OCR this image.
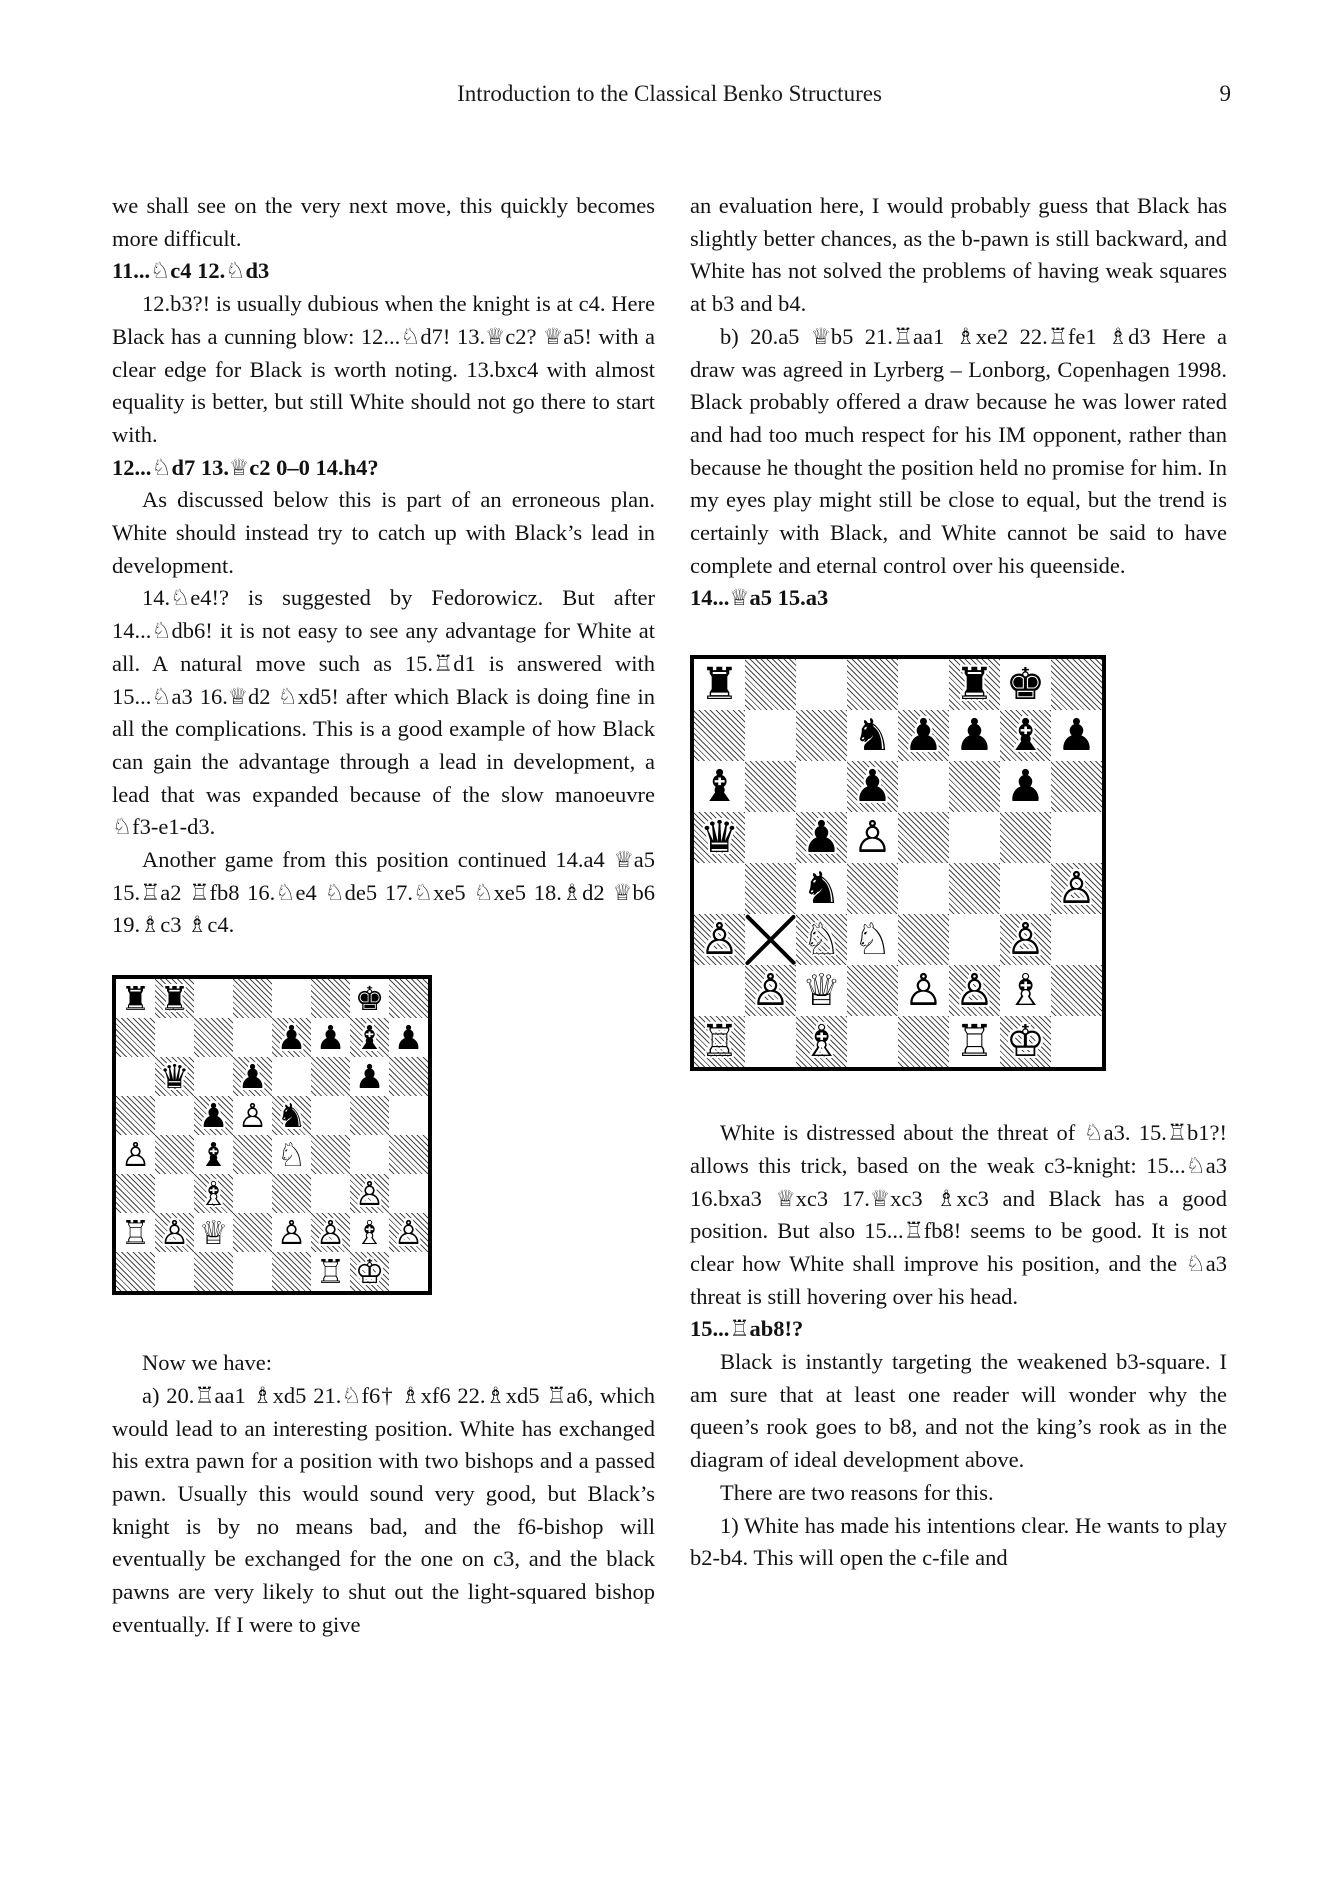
Introduction to the Classical Benko Structures	9

we shall see on the very next move, this quickly becomes more difficult.

11...♘c4 12.♘d3

12.b3?! is usually dubious when the knight is at c4. Here Black has a cunning blow: 12...♘d7! 13.♕c2? ♕a5! with a clear edge for Black is worth noting. 13.bxc4 with almost equality is better, but still White should not go there to start with.

12...♘d7 13.♕c2 0–0 14.h4?

As discussed below this is part of an erroneous plan. White should instead try to catch up with Black’s lead in development.

14.♘e4!? is suggested by Fedorowicz. But after 14...♘db6! it is not easy to see any advantage for White at all. A natural move such as 15.♖d1 is answered with 15...♘a3 16.♕d2 ♘xd5! after which Black is doing fine in all the complications. This is a good example of how Black can gain the advantage through a lead in development, a lead that was expanded because of the slow manoeuvre ♘f3-e1-d3.

Another game from this position continued 14.a4 ♕a5 15.♖a2 ♖fb8 16.♘e4 ♘de5 17.♘xe5 ♘xe5 18.♗d2 ♕b6 19.♗c3 ♗c4.

♜ ♜	♚
♟ ♟ ♝ ♟
♛ ♟	♟
♟ ♙ ♞
♙ ♝ ♘
♗	♙
♖ ♙ ♕ ♙ ♙ ♗ ♙
♖ ♔

Now we have:

a) 20.♖aa1 ♗xd5 21.♘f6† ♗xf6 22.♗xd5 ♖a6, which would lead to an interesting position. White has exchanged his extra pawn for a position with two bishops and a passed pawn. Usually this would sound very good, but Black’s knight is by no means bad, and the f6-bishop will eventually be exchanged for the one on c3, and the black pawns are very likely to shut out the light-squared bishop eventually. If I were to give

an evaluation here, I would probably guess that Black has slightly better chances, as the b-pawn is still backward, and White has not solved the problems of having weak squares at b3 and b4.

b) 20.a5 ♕b5 21.♖aa1 ♗xe2 22.♖fe1 ♗d3 Here a draw was agreed in Lyrberg – Lonborg, Copenhagen 1998. Black probably offered a draw because he was lower rated and had too much respect for his IM opponent, rather than because he thought the position held no promise for him. In my eyes play might still be close to equal, but the trend is certainly with Black, and White cannot be said to have complete and eternal control over his queenside.

14...♕a5 15.a3

♜	♜ ♚
♞ ♟ ♟ ♝ ♟
♝	♟	♟
♛ ♟ ♙
♞	♙
♙ ♘ ♘	♙
♙ ♕ ♙ ♙ ♗
♖ ♗	♖ ♔

White is distressed about the threat of ♘a3. 15.♖b1?! allows this trick, based on the weak c3-knight: 15...♘a3 16.bxa3 ♕xc3 17.♕xc3 ♗xc3 and Black has a good position. But also 15...♖fb8! seems to be good. It is not clear how White shall improve his position, and the ♘a3 threat is still hovering over his head.

15...♖ab8!?

Black is instantly targeting the weakened b3-square. I am sure that at least one reader will wonder why the queen’s rook goes to b8, and not the king’s rook as in the diagram of ideal development above.

There are two reasons for this.

1) White has made his intentions clear. He wants to play b2-b4. This will open the c-file and
